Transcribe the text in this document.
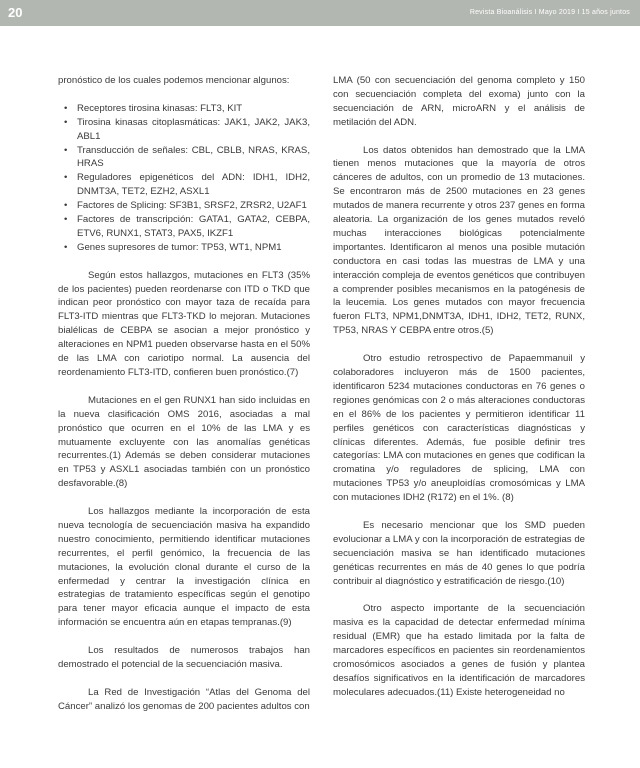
20	Revista Bioanálisis I Mayo 2019 I 15 años juntos

pronóstico de los cuales podemos mencionar algunos:

• Receptores tirosina kinasas: FLT3, KIT
• Tirosina kinasas citoplasmáticas: JAK1, JAK2, JAK3, ABL1
• Transducción de señales: CBL, CBLB, NRAS, KRAS, HRAS
• Reguladores epigenéticos del ADN: IDH1, IDH2, DNMT3A, TET2, EZH2, ASXL1
• Factores de Splicing: SF3B1, SRSF2, ZRSR2, U2AF1
• Factores de transcripción: GATA1, GATA2, CEBPA, ETV6, RUNX1, STAT3, PAX5, IKZF1
• Genes supresores de tumor: TP53, WT1, NPM1

Según estos hallazgos, mutaciones en FLT3 (35% de los pacientes) pueden reordenarse con ITD o TKD que indican peor pronóstico con mayor taza de recaída para FLT3-ITD mientras que FLT3-TKD lo mejoran. Mutaciones bialélicas de CEBPA se asocian a mejor pronóstico y alteraciones en NPM1 pueden observarse hasta en el 50% de las LMA con cariotipo normal. La ausencia del reordenamiento FLT3-ITD, confieren buen pronóstico.(7)

Mutaciones en el gen RUNX1 han sido incluidas en la nueva clasificación OMS 2016, asociadas a mal pronóstico que ocurren en el 10% de las LMA y es mutuamente excluyente con las anomalías genéticas recurrentes.(1) Además se deben considerar mutaciones en TP53 y ASXL1 asociadas también con un pronóstico desfavorable.(8)

Los hallazgos mediante la incorporación de esta nueva tecnología de secuenciación masiva ha expandido nuestro conocimiento, permitiendo identificar mutaciones recurrentes, el perfil genómico, la frecuencia de las mutaciones, la evolución clonal durante el curso de la enfermedad y centrar la investigación clínica en estrategias de tratamiento específicas según el genotipo para tener mayor eficacia aunque el impacto de esta información se encuentra aún en etapas tempranas.(9)

Los resultados de numerosos trabajos han demostrado el potencial de la secuenciación masiva.

La Red de Investigación “Atlas del Genoma del Cáncer” analizó los genomas de 200 pacientes adultos con

LMA (50 con secuenciación del genoma completo y 150 con secuenciación completa del exoma) junto con la secuenciación de ARN, microARN y el análisis de metilación del ADN.

Los datos obtenidos han demostrado que la LMA tienen menos mutaciones que la mayoría de otros cánceres de adultos, con un promedio de 13 mutaciones. Se encontraron más de 2500 mutaciones en 23 genes mutados de manera recurrente y otros 237 genes en forma aleatoria. La organización de los genes mutados reveló muchas interacciones biológicas potencialmente importantes. Identificaron al menos una posible mutación conductora en casi todas las muestras de LMA y una interacción compleja de eventos genéticos que contribuyen a comprender posibles mecanismos en la patogénesis de la leucemia. Los genes mutados con mayor frecuencia fueron FLT3, NPM1,DNMT3A, IDH1, IDH2, TET2, RUNX, TP53, NRAS Y CEBPA entre otros.(5)

Otro estudio retrospectivo de Papaemmanuil y colaboradores incluyeron más de 1500 pacientes, identificaron 5234 mutaciones conductoras en 76 genes o regiones genómicas con 2 o más alteraciones conductoras en el 86% de los pacientes y permitieron identificar 11 perfiles genéticos con características diagnósticas y clínicas diferentes. Además, fue posible definir tres categorías: LMA con mutaciones en genes que codifican la cromatina y/o reguladores de splicing, LMA con mutaciones TP53 y/o aneuploidías cromosómicas y LMA con mutaciones IDH2 (R172) en el 1%. (8)

Es necesario mencionar que los SMD pueden evolucionar a LMA y con la incorporación de estrategias de secuenciación masiva se han identificado mutaciones genéticas recurrentes en más de 40 genes lo que podría contribuir al diagnóstico y estratificación de riesgo.(10)

Otro aspecto importante de la secuenciación masiva es la capacidad de detectar enfermedad mínima residual (EMR) que ha estado limitada por la falta de marcadores específicos en pacientes sin reordenamientos cromosómicos asociados a genes de fusión y plantea desafíos significativos en la identificación de marcadores moleculares adecuados.(11) Existe heterogeneidad no
